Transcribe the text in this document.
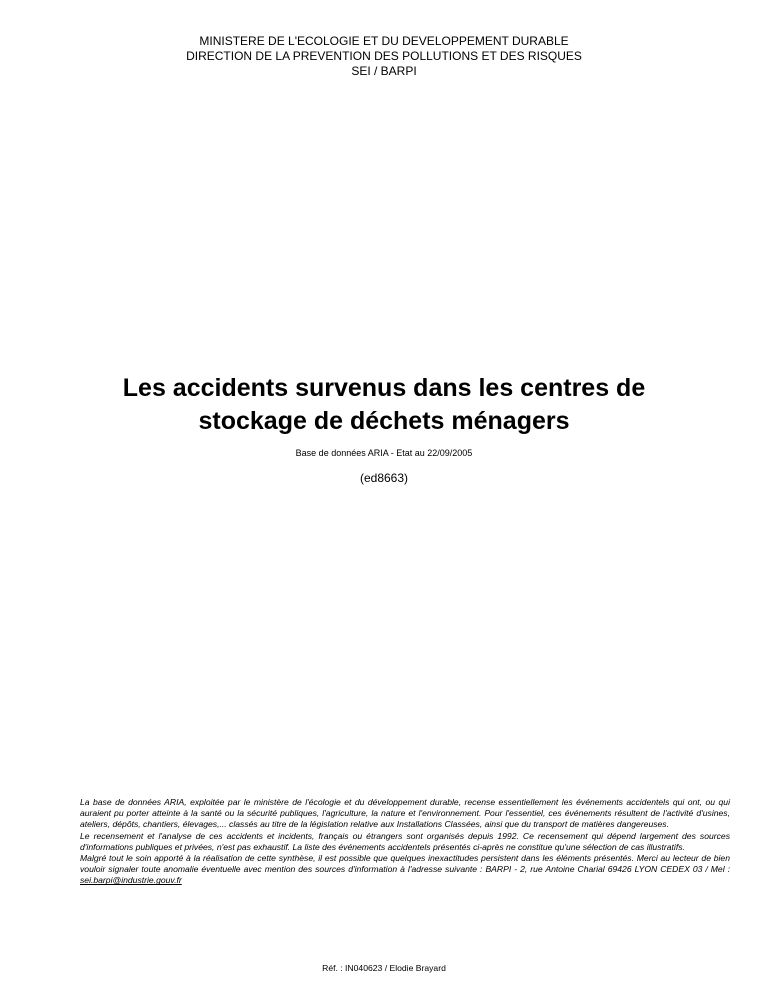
MINISTERE DE L'ECOLOGIE ET DU DEVELOPPEMENT DURABLE
DIRECTION DE LA PREVENTION DES POLLUTIONS ET DES RISQUES
SEI / BARPI
Les accidents survenus dans les centres de
stockage de déchets ménagers
Base de données ARIA - Etat au 22/09/2005
(ed8663)

La base de données ARIA, exploitée par le ministère de l'écologie et du développement durable, recense essentiellement les événements accidentels qui ont, ou qui auraient pu porter atteinte à la santé ou la sécurité publiques, l'agriculture, la nature et l'environnement. Pour l'essentiel, ces événements résultent de l'activité d'usines, ateliers, dépôts, chantiers, élevages,... classés au titre de la législation relative aux Installations Classées, ainsi que du transport de matières dangereuses.

Le recensement et l'analyse de ces accidents et incidents, français ou étrangers sont organisés depuis 1992. Ce recensement qui dépend largement des sources d'informations publiques et privées, n'est pas exhaustif. La liste des événements accidentels présentés ci-après ne constitue qu'une sélection de cas illustratifs.

Malgré tout le soin apporté à la réalisation de cette synthèse, il est possible que quelques inexactitudes persistent dans les éléments présentés. Merci au lecteur de bien vouloir signaler toute anomalie éventuelle avec mention des sources d'information à l'adresse suivante : BARPI - 2, rue Antoine Charial 69426 LYON CEDEX 03 / Mel : sei.barpi@industrie.gouv.fr

Réf. : IN040623 / Elodie Brayard
